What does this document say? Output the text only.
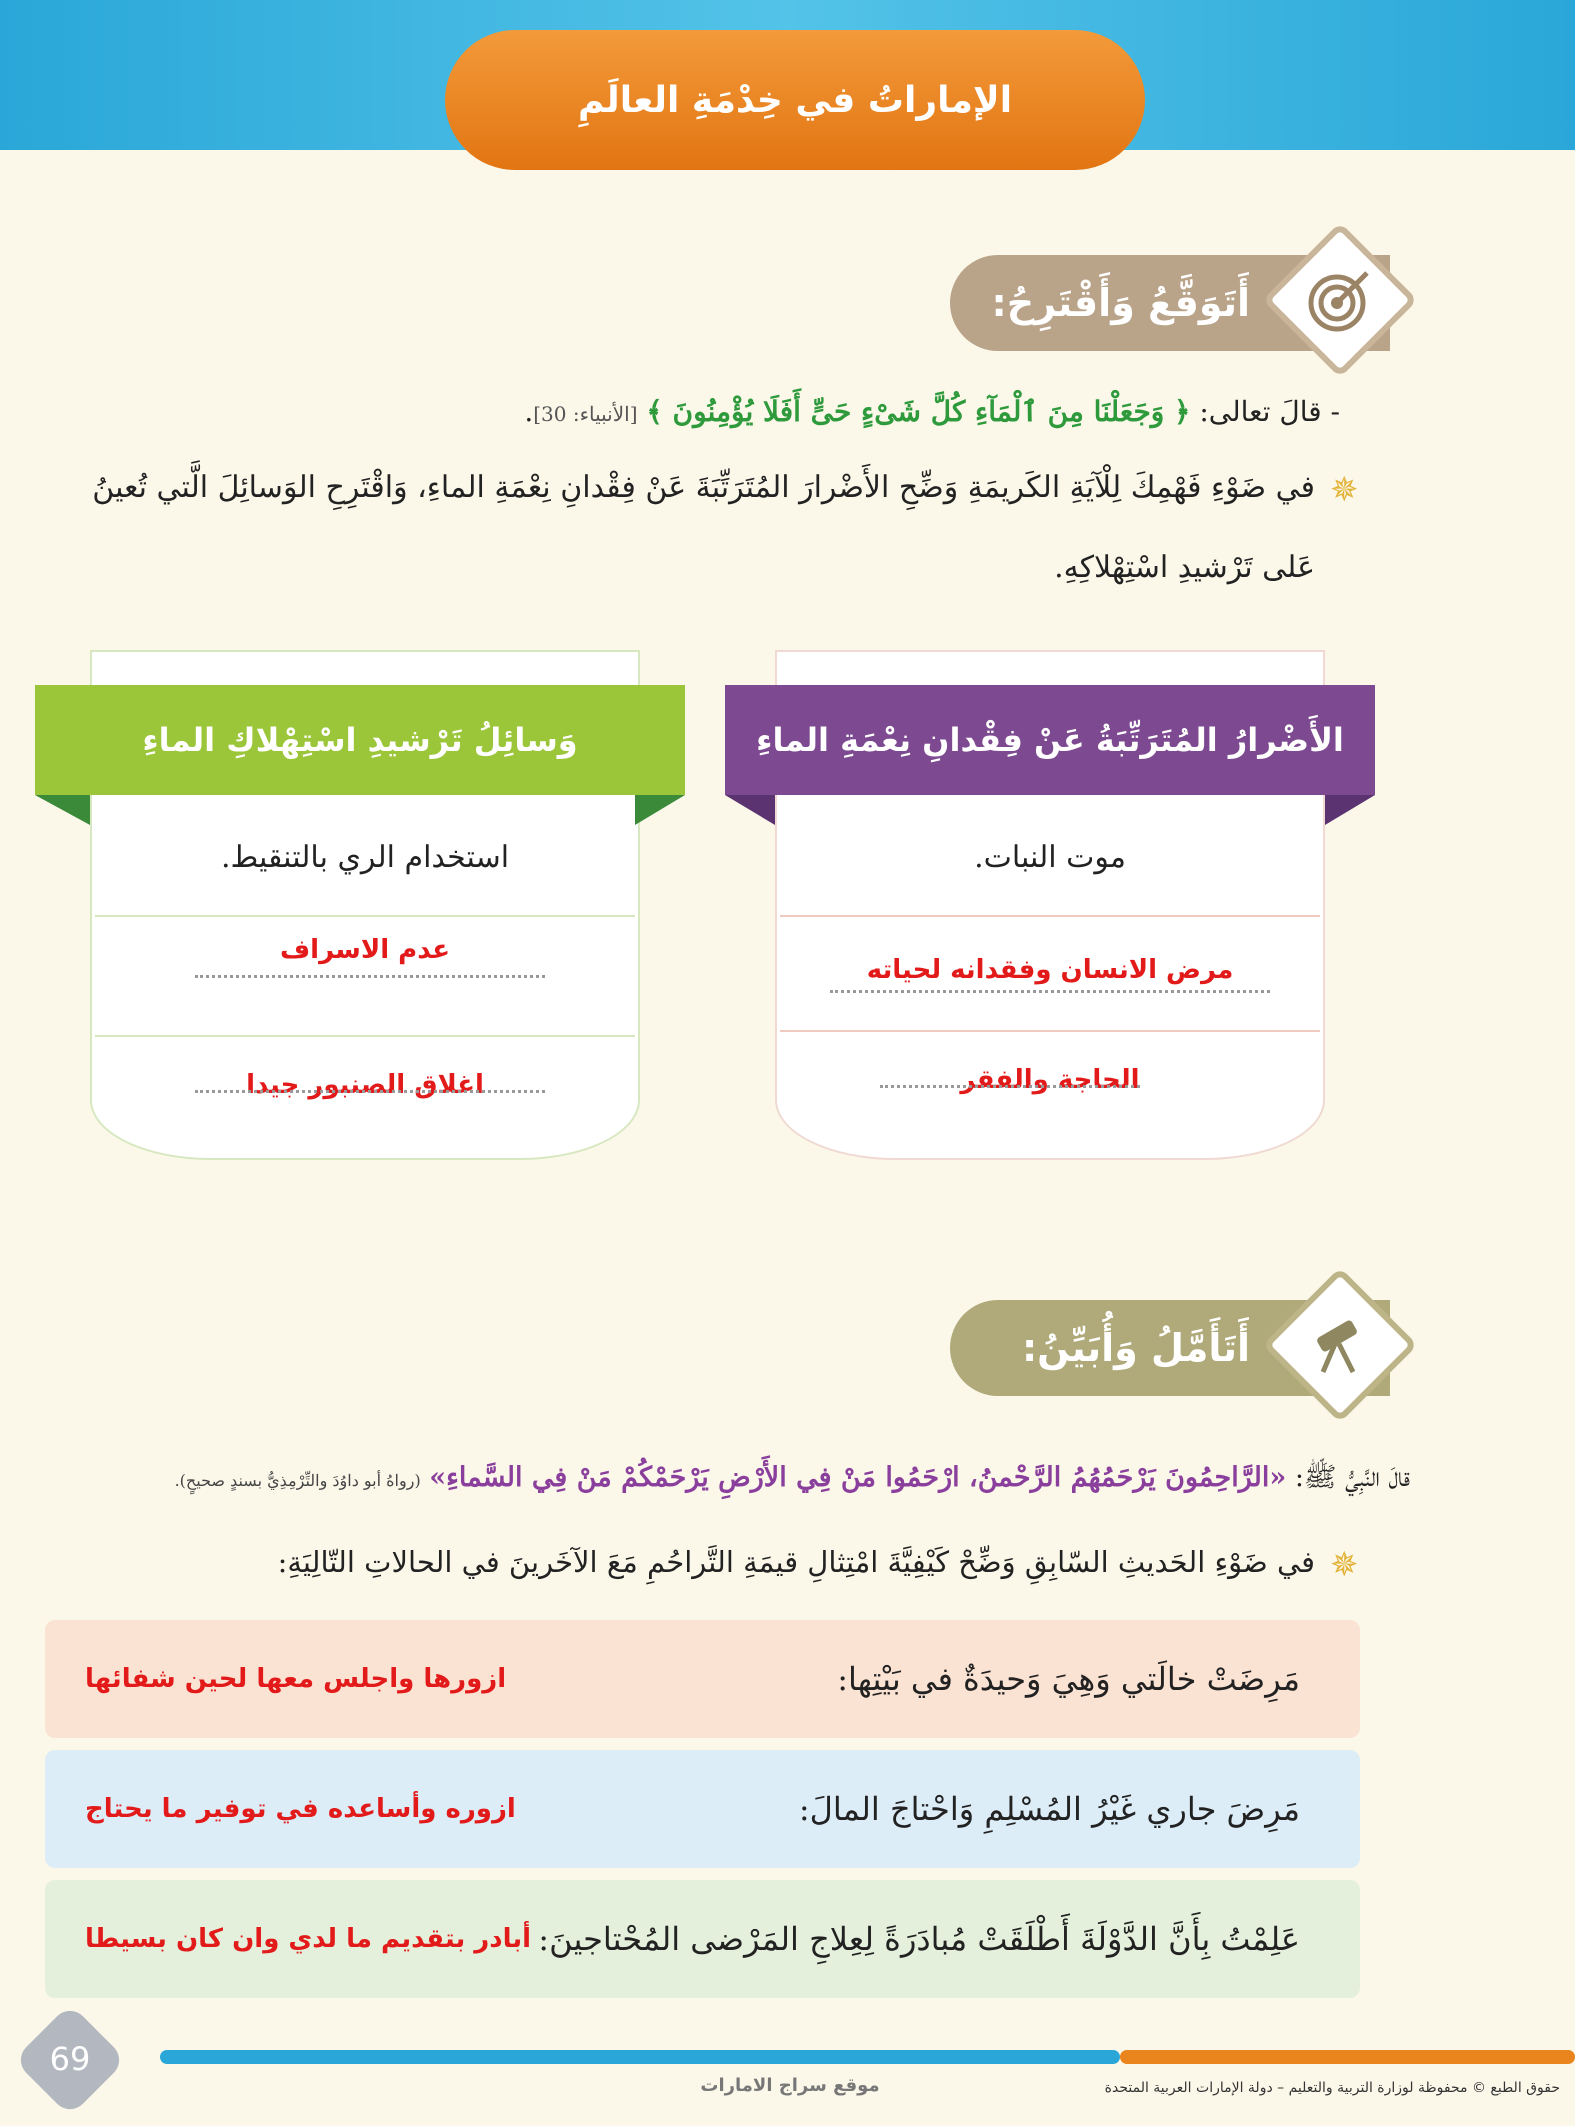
الإماراتُ في خِدْمَةِ العالَمِ
أَتَوَقَّعُ وَأَقْتَرِحُ:
- قالَ تعالى: ﴿ وَجَعَلْنَا مِنَ ٱلْمَآءِ كُلَّ شَىْءٍ حَىٍّ أَفَلَا يُؤْمِنُونَ ﴾ [الأنبياء: 30].
✵
في ضَوْءِ فَهْمِكَ لِلْآيَةِ الكَريمَةِ وَضِّحِ الأَضْرارَ المُتَرَتِّبَةَ عَنْ فِقْدانِ نِعْمَةِ الماءِ، وَاقْتَرِحِ الوَسائِلَ الَّتي تُعينُ
عَلى تَرْشيدِ اسْتِهْلاكِهِ.
الأَضْرارُ المُتَرَتِّبَةُ عَنْ فِقْدانِ نِعْمَةِ الماءِ
موت النبات.
مرض الانسان وفقدانه لحياته
الحاجة والفقر
وَسائِلُ تَرْشيدِ اسْتِهْلاكِ الماءِ
استخدام الري بالتنقيط.
عدم الاسراف
اغلاق الصنبور جيدا
أَتَأَمَّلُ وَأُبَيِّنُ:
قالَ النَّبِيُّ ﷺ: «الرَّاحِمُونَ يَرْحَمُهُمُ الرَّحْمنُ، ارْحَمُوا مَنْ فِي الأَرْضِ يَرْحَمْكُمْ مَنْ فِي السَّماءِ» (رواهُ أبو داوُدَ والتِّرْمِذِيُّ بسندٍ صحيحٍ).
✵
في ضَوْءِ الحَديثِ السّابِقِ وَضِّحْ كَيْفِيَّةَ امْتِثالِ قيمَةِ التَّراحُمِ مَعَ الآخَرينَ في الحالاتِ التّالِيَةِ:
مَرِضَتْ خالَتي وَهِيَ وَحيدَةٌ في بَيْتِها:
ازورها واجلس معها لحين شفائها
مَرِضَ جاري غَيْرُ المُسْلِمِ وَاحْتاجَ المالَ:
ازوره وأساعده في توفير ما يحتاج
عَلِمْتُ بِأَنَّ الدَّوْلَةَ أَطْلَقَتْ مُبادَرَةً لِعِلاجِ المَرْضى المُحْتاجينَ:
أبادر بتقديم ما لدي وان كان بسيطا
69
موقع سراج الامارات	حقوق الطبع © محفوظة لوزارة التربية والتعليم – دولة الإمارات العربية المتحدة
